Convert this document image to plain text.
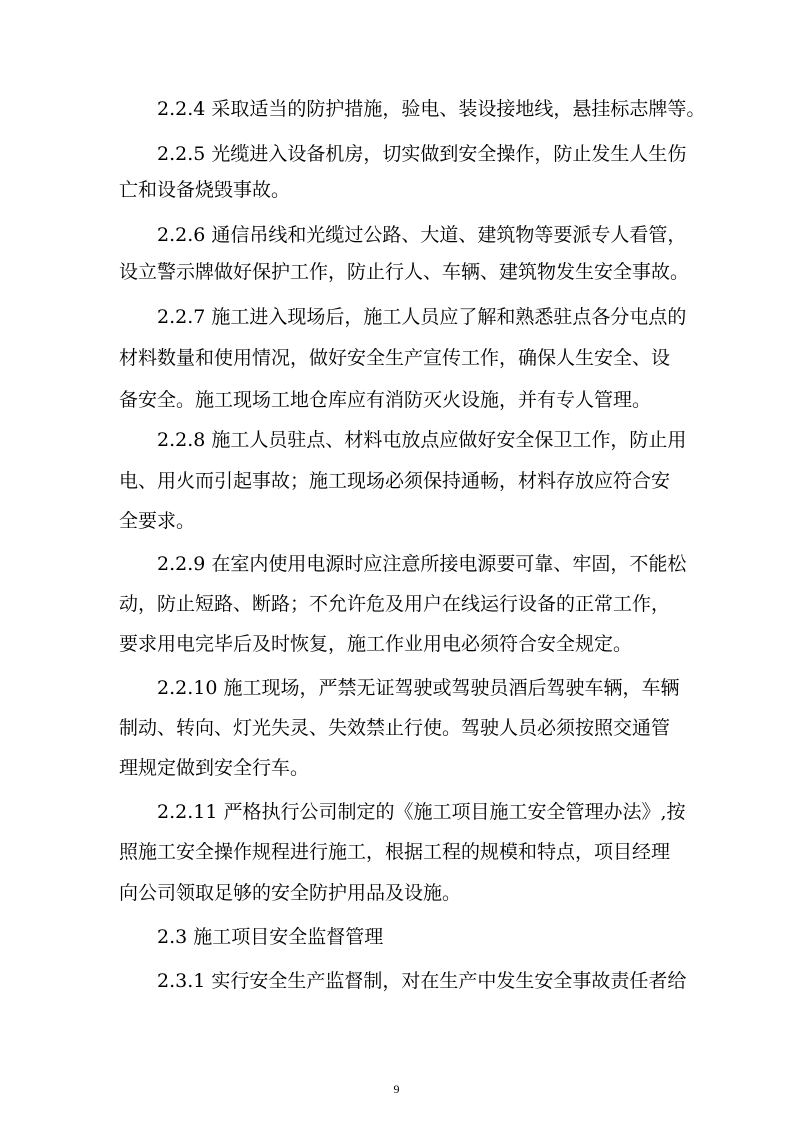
2.2.4 采取适当的防护措施，验电、装设接地线，悬挂标志牌等。

2.2.5 光缆进入设备机房，切实做到安全操作，防止发生人生伤

亡和设备烧毁事故。

2.2.6 通信吊线和光缆过公路、大道、建筑物等要派专人看管，

设立警示牌做好保护工作，防止行人、车辆、建筑物发生安全事故。

2.2.7 施工进入现场后，施工人员应了解和熟悉驻点各分屯点的

材料数量和使用情况，做好安全生产宣传工作，确保人生安全、设

备安全。施工现场工地仓库应有消防灭火设施，并有专人管理。

2.2.8 施工人员驻点、材料屯放点应做好安全保卫工作，防止用

电、用火而引起事故；施工现场必须保持通畅，材料存放应符合安

全要求。

2.2.9 在室内使用电源时应注意所接电源要可靠、牢固，不能松

动，防止短路、断路；不允许危及用户在线运行设备的正常工作，

要求用电完毕后及时恢复，施工作业用电必须符合安全规定。

2.2.10 施工现场，严禁无证驾驶或驾驶员酒后驾驶车辆，车辆

制动、转向、灯光失灵、失效禁止行使。驾驶人员必须按照交通管

理规定做到安全行车。

2.2.11 严格执行公司制定的《施工项目施工安全管理办法》,按

照施工安全操作规程进行施工，根据工程的规模和特点，项目经理

向公司领取足够的安全防护用品及设施。

2.3 施工项目安全监督管理

2.3.1 实行安全生产监督制，对在生产中发生安全事故责任者给

9
